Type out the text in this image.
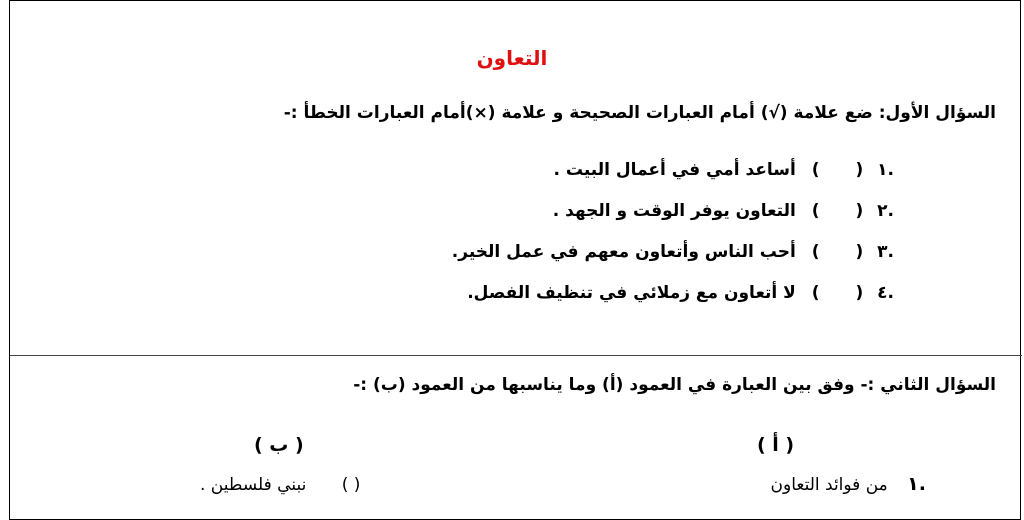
التعاون
السؤال الأول: ضع علامة (√) أمام العبارات الصحيحة و علامة (×)أمام العبارات الخطأ :-
.١ ( ) أساعد أمي في أعمال البيت .
.٢ ( ) التعاون يوفر الوقت و الجهد .
.٣ ( ) أحب الناس وأتعاون معهم في عمل الخير.
.٤ ( ) لا أتعاون مع زملائي في تنظيف الفصل.
السؤال الثاني :- وفق بين العبارة في العمود (أ) وما يناسبها من العمود (ب) :-
( أ )
( ب )
.١ من فوائد التعاون
( ) نبني فلسطين .
